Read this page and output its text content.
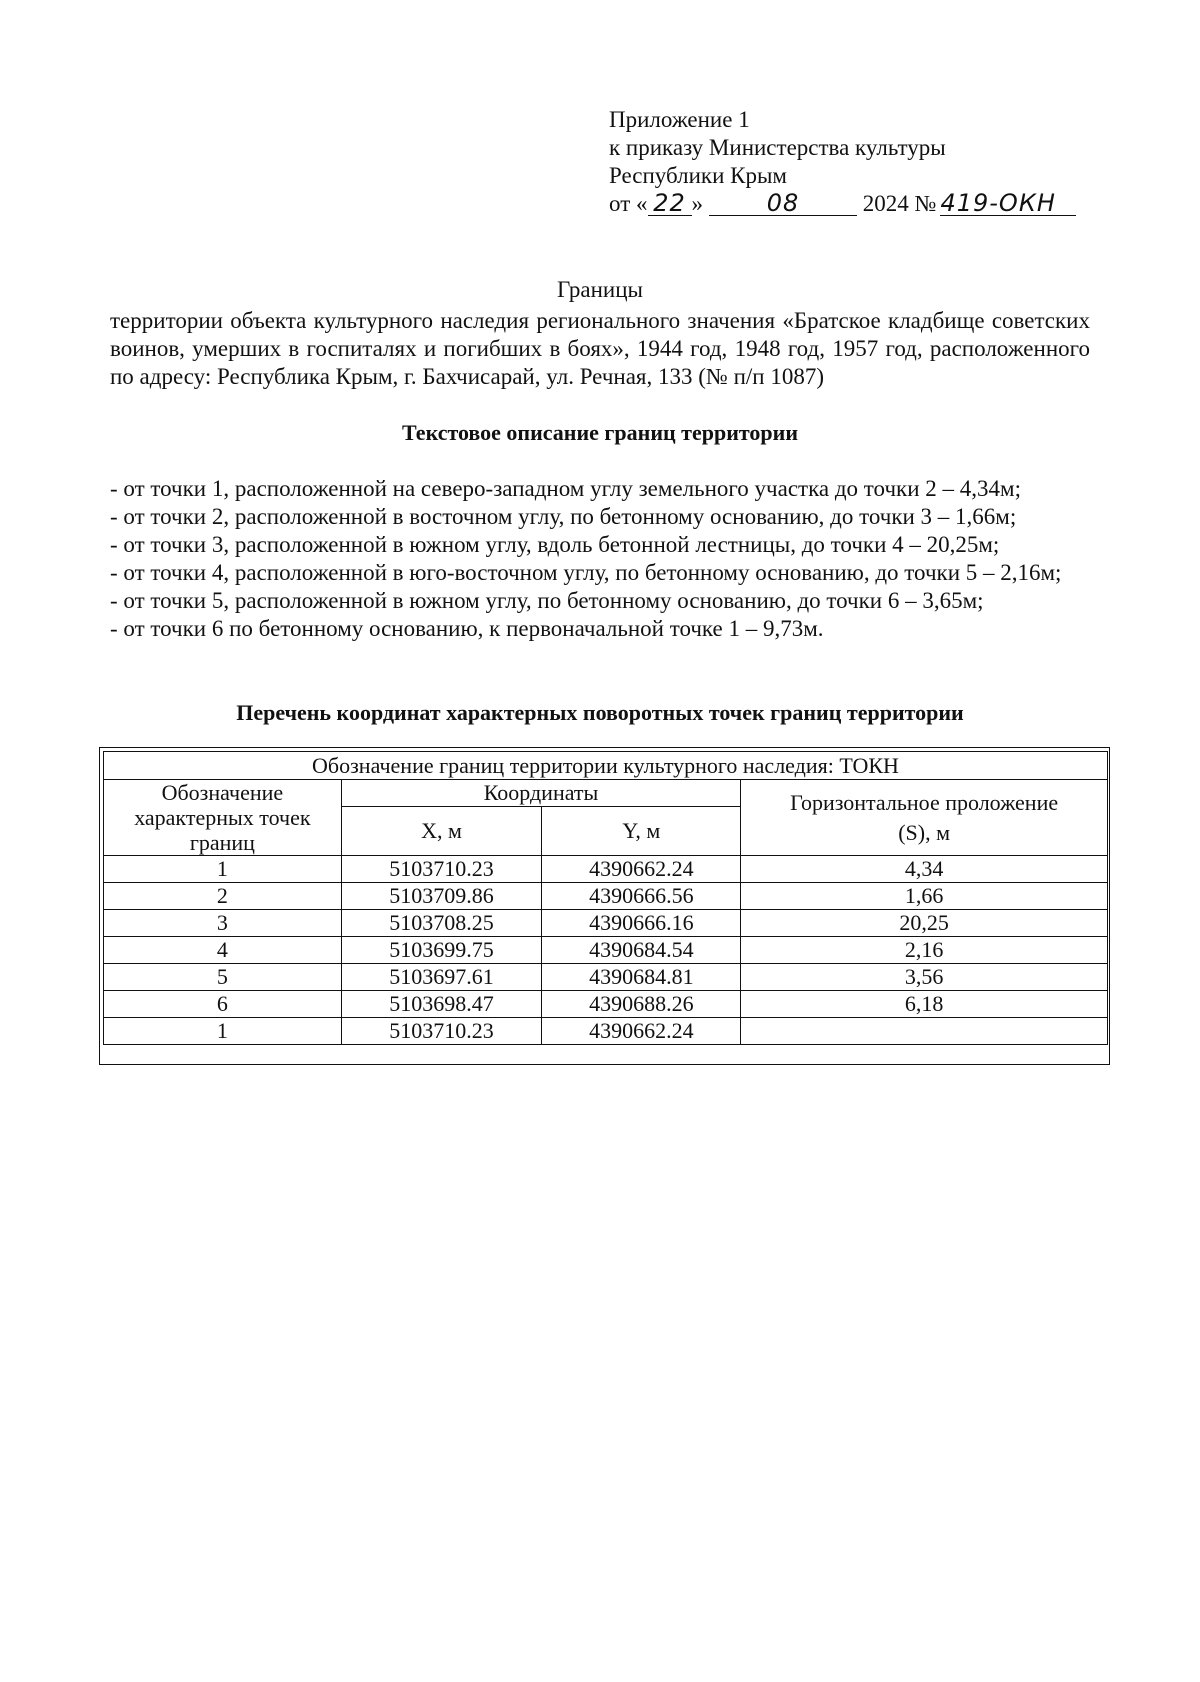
Приложение 1
к приказу Министерства культуры
Республики Крым
от « 22 »	08	2024 № 419-ОКН
Границы
территории объекта культурного наследия регионального значения «Братское кладбище советских воинов, умерших в госпиталях и погибших в боях», 1944 год, 1948 год, 1957 год, расположенного по адресу: Республика Крым, г. Бахчисарай, ул. Речная, 133 (№ п/п 1087)
Текстовое описание границ территории
- от точки 1, расположенной на северо-западном углу земельного участка до точки 2 – 4,34м;
- от точки 2, расположенной в восточном углу, по бетонному основанию, до точки 3 – 1,66м;
- от точки 3, расположенной в южном углу, вдоль бетонной лестницы, до точки 4 – 20,25м;
- от точки 4, расположенной в юго-восточном углу, по бетонному основанию, до точки 5 – 2,16м;
- от точки 5, расположенной в южном углу, по бетонному основанию, до точки 6 – 3,65м;
- от точки 6 по бетонному основанию, к первоначальной точке 1 – 9,73м.
Перечень координат характерных поворотных точек границ территории
Обозначение границ территории культурного наследия: ТОКН			
Обозначение характерных точек границ	Координаты		Горизонтальное проложение (S), м
	X, м	Y, м	
1	5103710.23	4390662.24	4,34
2	5103709.86	4390666.56	1,66
3	5103708.25	4390666.16	20,25
4	5103699.75	4390684.54	2,16
5	5103697.61	4390684.81	3,56
6	5103698.47	4390688.26	6,18
1	5103710.23	4390662.24	
